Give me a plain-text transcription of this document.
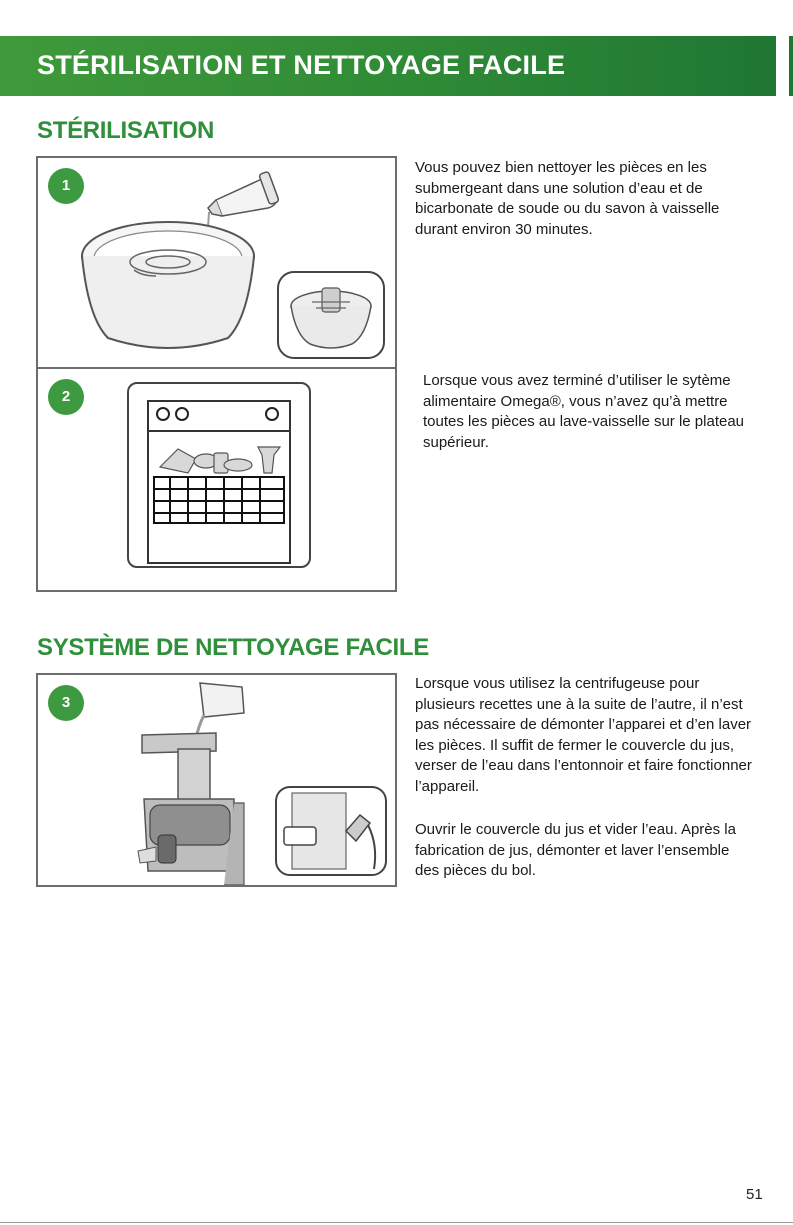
STÉRILISATION ET NETTOYAGE FACILE
STÉRILISATION
1
2
SYSTÈME DE NETTOYAGE FACILE
3
Vous pouvez bien nettoyer les pièces en les submergeant dans une solution d’eau et de bicarbonate de soude ou du savon à vaisselle durant environ 30 minutes.
Lorsque vous avez terminé d’utiliser le sytème alimentaire Omega®, vous n’avez qu’à mettre toutes les pièces au lave-vaisselle sur le plateau supérieur.
Lorsque vous utilisez la centrifugeuse pour plusieurs recettes une à la suite de l’autre, il n’est pas nécessaire de démonter l’apparei et d’en laver les pièces. Il suffit de fermer le couvercle du jus, verser de l’eau dans l’entonnoir et faire fonctionner l’appareil.
Ouvrir le couvercle du jus et vider l’eau. Après la fabrication de jus, démonter et laver l’ensemble des pièces du bol.
51
